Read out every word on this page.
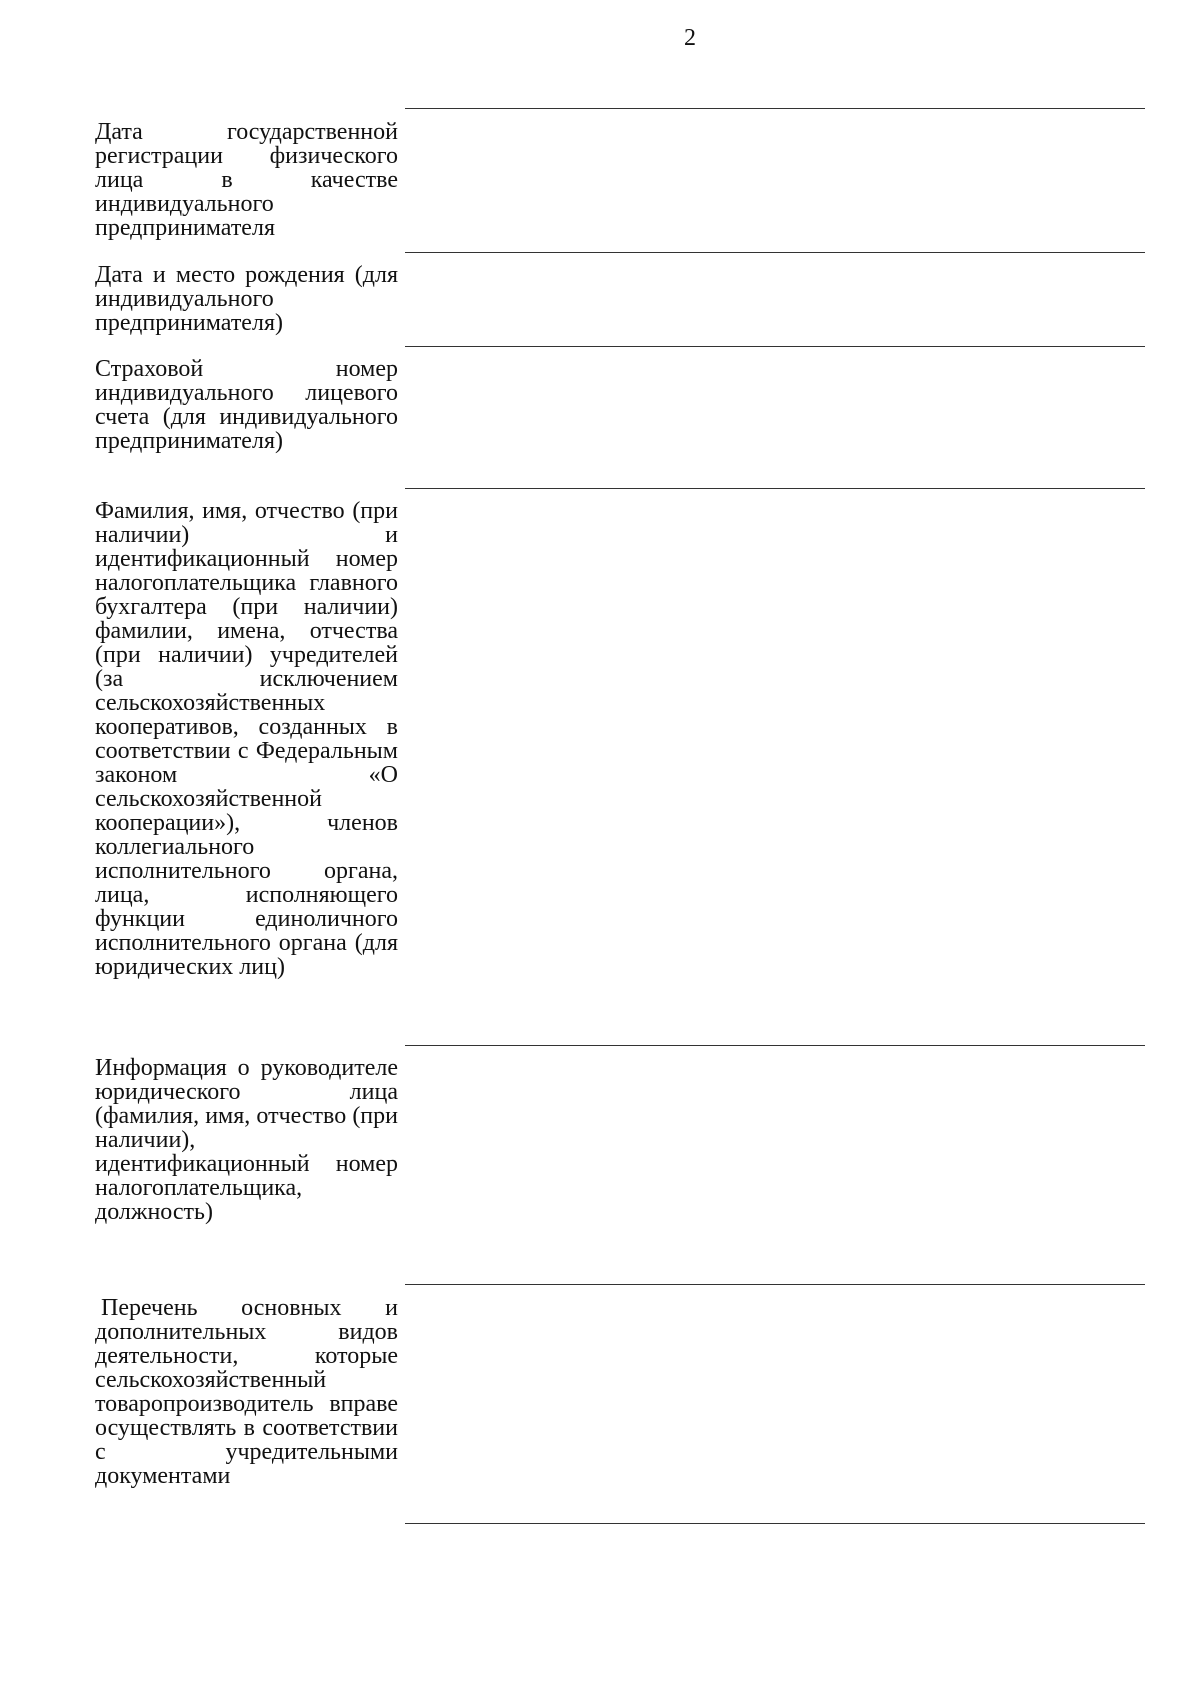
2
Дата государственной регистрации физического лица в качестве индивидуального предпринимателя
Дата и место рождения (для индивидуального предпринимателя)
Страховой номер индивидуального лицевого счета (для индивидуального предпринимателя)
Фамилия, имя, отчество (при наличии) и идентификационный номер налогоплательщика главного бухгалтера (при наличии) фамилии, имена, отчества (при наличии) учредителей (за исключением сельскохозяйственных кооперативов, созданных в соответствии с Федеральным законом «О сельскохозяйственной кооперации»), членов коллегиального исполнительного органа, лица, исполняющего функции единоличного исполнительного органа (для юридических лиц)
Информация о руководителе юридического лица (фамилия, имя, отчество (при наличии), идентификационный номер налогоплательщика, должность)
Перечень основных и дополнительных видов деятельности, которые сельскохозяйственный товаропроизводитель вправе осуществлять в соответствии с учредительными документами
